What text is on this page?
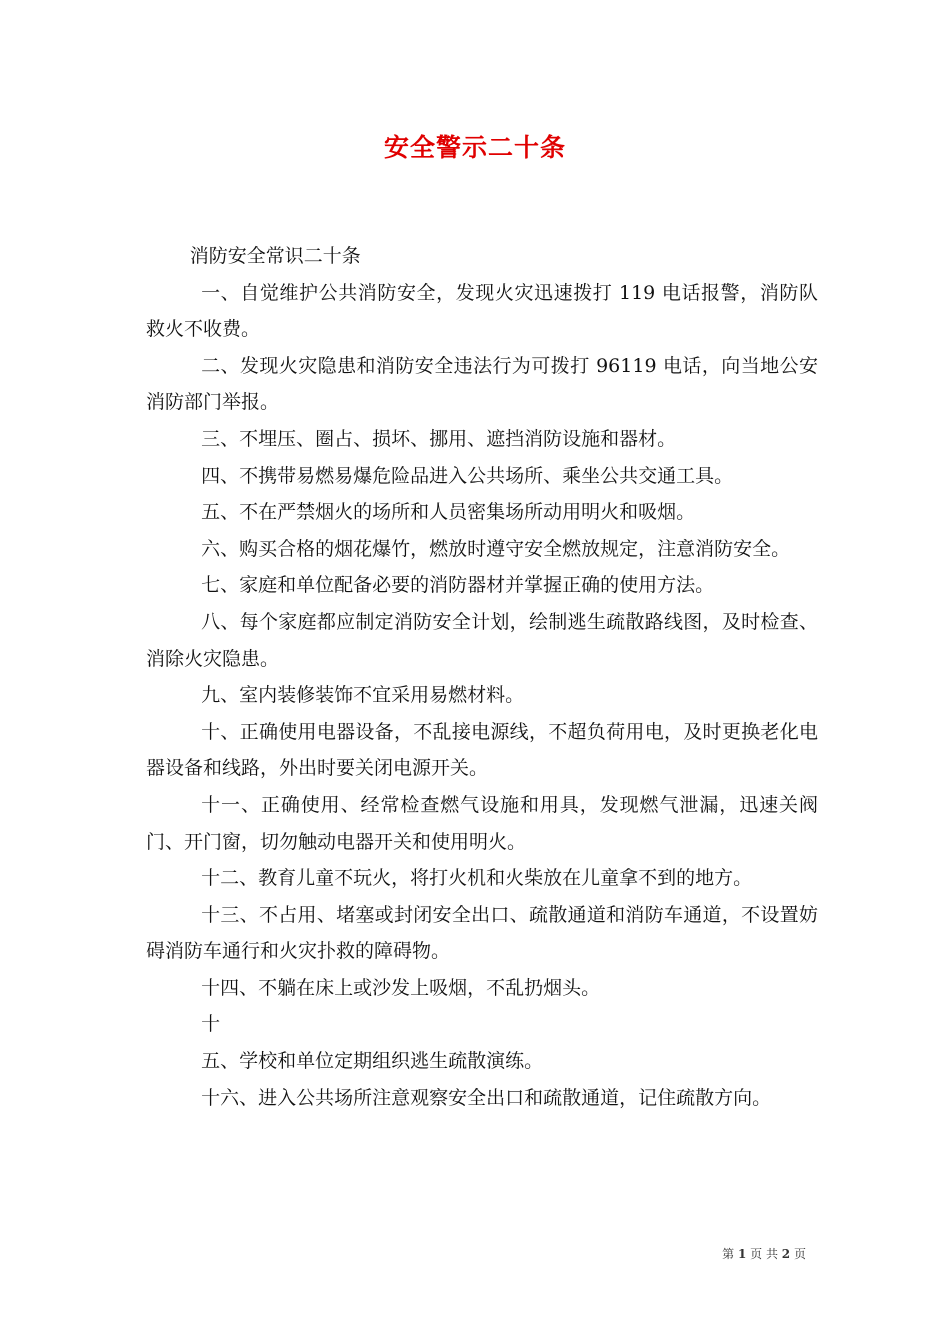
安全警示二十条

消防安全常识二十条

一、自觉维护公共消防安全，发现火灾迅速拨打 119 电话报警，消防队救火不收费。

二、发现火灾隐患和消防安全违法行为可拨打 96119 电话，向当地公安消防部门举报。

三、不埋压、圈占、损坏、挪用、遮挡消防设施和器材。

四、不携带易燃易爆危险品进入公共场所、乘坐公共交通工具。

五、不在严禁烟火的场所和人员密集场所动用明火和吸烟。

六、购买合格的烟花爆竹，燃放时遵守安全燃放规定，注意消防安全。

七、家庭和单位配备必要的消防器材并掌握正确的使用方法。

八、每个家庭都应制定消防安全计划，绘制逃生疏散路线图，及时检查、消除火灾隐患。

九、室内装修装饰不宜采用易燃材料。

十、正确使用电器设备，不乱接电源线，不超负荷用电，及时更换老化电器设备和线路，外出时要关闭电源开关。

十一、正确使用、经常检查燃气设施和用具，发现燃气泄漏，迅速关阀门、开门窗，切勿触动电器开关和使用明火。

十二、教育儿童不玩火，将打火机和火柴放在儿童拿不到的地方。

十三、不占用、堵塞或封闭安全出口、疏散通道和消防车通道，不设置妨碍消防车通行和火灾扑救的障碍物。

十四、不躺在床上或沙发上吸烟，不乱扔烟头。

十

五、学校和单位定期组织逃生疏散演练。

十六、进入公共场所注意观察安全出口和疏散通道，记住疏散方向。

第 1 页 共 2 页
